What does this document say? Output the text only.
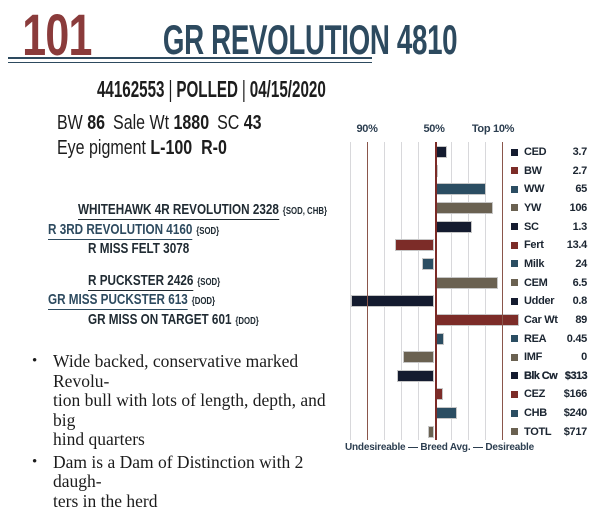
101 GR REVOLUTION 4810
44162553 | POLLED | 04/15/2020
BW 86 Sale Wt 1880 SC 43
Eye pigment L-100  R-0
WHITEHAWK 4R REVOLUTION 2328 {SOD, CHB}
R 3RD REVOLUTION 4160 {SOD}
R MISS FELT 3078
R PUCKSTER 2426 {SOD}
GR MISS PUCKSTER 613 {DOD}
GR MISS ON TARGET 601 {DOD}
• Wide backed, conservative marked Revolu-
tion bull with lots of length, depth, and big
hind quarters
• Dam is a Dam of Distinction with 2 daugh-
ters in the herd
90%	50%	Top 10%
CED	3.7
BW	2.7
WW	65
YW	106
SC	1.3
Fert	13.4
Milk	24
CEM	6.5
Udder	0.8
Car Wt	89
REA	0.45
IMF	0
Blk Cw $313
CEZ	$166
CHB	$240
TOTL	$717
Undesireable — Breed Avg. — Desireable
